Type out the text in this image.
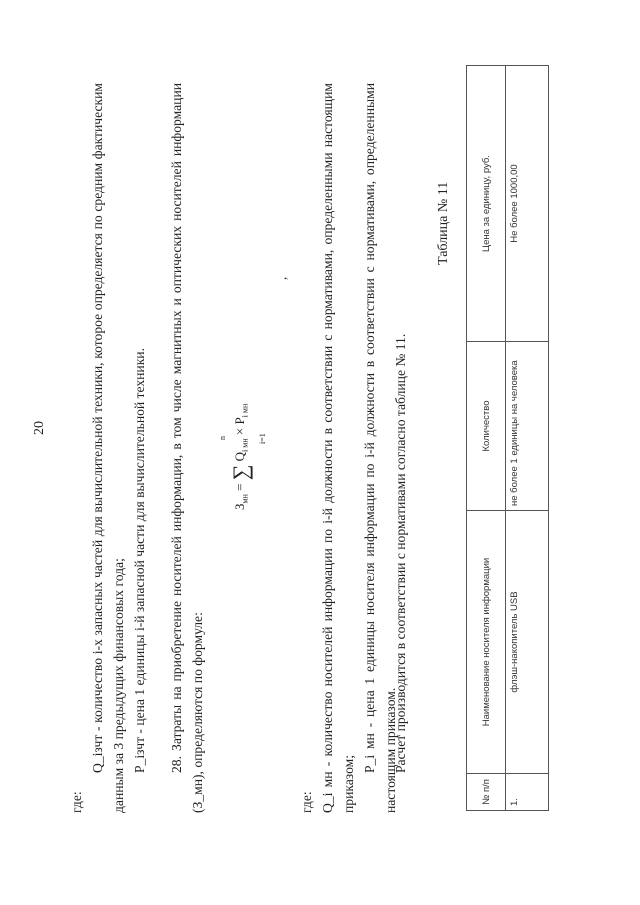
20
где:
Q_iзчт - количество i-х запасных частей для вычислительной техники, которое определяется по средним фактическим данным за 3 предыдущих финансовых года; P_iзчт - цена 1 единицы i-й запасной части для вычислительной техники. 28. Затраты на приобретение носителей информации, в том числе магнитных и оптических носителей информации (З_мн), определяются по формуле:
$З_{мн}$ = ∑
n	i=1
$Q_{i мн} \times P_{i мн}$
,
где: Q_i мн - количество носителей информации по i-й должности в соответствии с нормативами, определенными настоящим приказом;
P_i мн - цена 1 единицы носителя информации по i-й должности в соответствии с нормативами, определенными настоящим приказом.
Расчет производится в соответствии с нормативами согласно таблице № 11.
Таблица № 11
№ п/п	Наименование носителя информации	Количество	Цена за единицу, руб.
1.	флэш-накопитель USB	не более 1 единицы на человека	Не более 1000,00
